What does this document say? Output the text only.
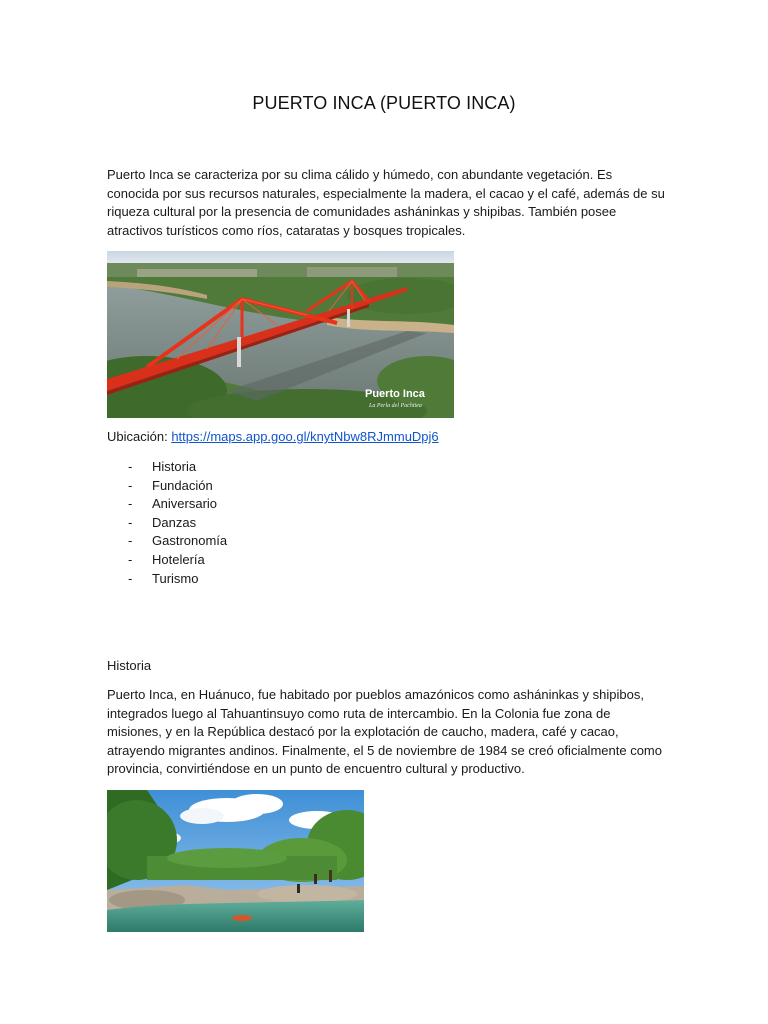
PUERTO INCA (PUERTO INCA)
Puerto Inca se caracteriza por su clima cálido y húmedo, con abundante vegetación. Es conocida por sus recursos naturales, especialmente la madera, el cacao y el café, además de su riqueza cultural por la presencia de comunidades asháninkas y shipibas. También posee atractivos turísticos como ríos, cataratas y bosques tropicales.
Puerto Inca
La Perla del Pachitea
Ubicación: https://maps.app.goo.gl/knytNbw8RJmmuDpj6
-	Historia
-	Fundación
-	Aniversario
-	Danzas
-	Gastronomía
-	Hotelería
-	Turismo
Historia
Puerto Inca, en Huánuco, fue habitado por pueblos amazónicos como asháninkas y shipibos, integrados luego al Tahuantinsuyo como ruta de intercambio. En la Colonia fue zona de misiones, y en la República destacó por la explotación de caucho, madera, café y cacao, atrayendo migrantes andinos. Finalmente, el 5 de noviembre de 1984 se creó oficialmente como provincia, convirtiéndose en un punto de encuentro cultural y productivo.
